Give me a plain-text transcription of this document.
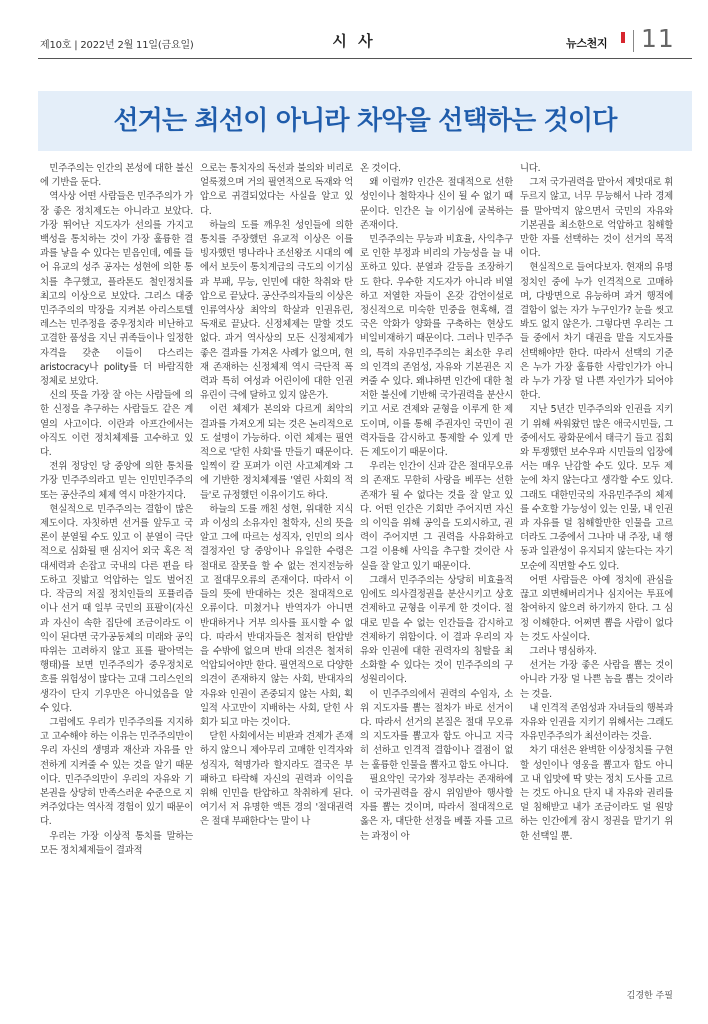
제10호 | 2022년 2월 11일(금요일)	시 사	뉴스천지 11
선거는 최선이 아니라 차악을 선택하는 것이다

민주주의는 인간의 본성에 대한 불신에 기반을 둔다.

역사상 어떤 사람들은 민주주의가 가장 좋은 정치제도는 아니라고 보았다. 가장 뛰어난 지도자가 선의를 가지고 백성을 통치하는 것이 가장 훌륭한 결과를 낳을 수 있다는 믿음인데, 예를 들어 유교의 성주 공자는 성현에 의한 통치를 추구했고, 플라톤도 철인정치를 최고의 이상으로 보았다. 그리스 대중민주주의의 막장을 지켜본 아리스토텔레스는 민주정을 중우정치라 비난하고 고결한 품성을 지닌 귀족들이나 일정한 자격을 갖춘 이들이 다스리는 aristocracy나 polity를 더 바람직한 정체로 보았다.

신의 뜻을 가장 잘 아는 사람들에 의한 신정을 추구하는 사람들도 같은 계열의 사고이다. 이란과 아프간에서는 아직도 이런 정치체제를 고수하고 있다.

전위 정당인 당 중앙에 의한 통치를 가장 민주주의라고 믿는 인민민주주의 또는 공산주의 체제 역시 마찬가지다.

현실적으로 민주주의는 결함이 많은 제도이다. 자칫하면 선거를 앞두고 국론이 분열될 수도 있고 이 분열이 극단적으로 심화될 땐 심지어 외국 혹은 적대세력과 손잡고 국내의 다른 편을 타도하고 짓밟고 억압하는 일도 벌어진다. 작금의 저질 정치인들의 포퓰리즘이나 선거 때 일부 국민의 표팔이(자신과 자신이 속한 집단에 조금이라도 이익이 된다면 국가공동체의 미래와 공익 따위는 고려하지 않고 표를 팔아먹는 행태)를 보면 민주주의가 중우정치로 흐를 위험성이 많다는 고대 그리스인의 생각이 단지 기우만은 아니었음을 알 수 있다.

그럼에도 우리가 민주주의를 지지하고 고수해야 하는 이유는 민주주의만이 우리 자신의 생명과 재산과 자유를 안전하게 지켜줄 수 있는 것을 알기 때문이다. 민주주의만이 우리의 자유와 기본권을 상당히 만족스러운 수준으로 지켜주었다는 역사적 경험이 있기 때문이다.

우리는 가장 이상적 통치를 말하는 모든 정치체제들이 결과적

으로는 통치자의 독선과 불의와 비리로 얼룩졌으며 거의 필연적으로 독재와 억압으로 귀결되었다는 사실을 알고 있다.

하늘의 도를 깨우친 성인들에 의한 통치를 주장했던 유교적 이상은 이를 빙자했던 명나라나 조선왕조 시대의 예에서 보듯이 통치계급의 극도의 이기심과 부패, 무능, 인민에 대한 착취와 탄압으로 끝났다. 공산주의자들의 이상은 인류역사상 최악의 학살과 인권유린, 독재로 끝났다. 신정체제는 말할 것도 없다. 과거 역사상의 모든 신정체제가 좋은 결과를 가져온 사례가 없으며, 현재 존재하는 신정체제 역시 극단적 폭력과 특히 여성과 어린이에 대한 인권유린이 극에 달하고 있지 않은가.

이런 체제가 본의와 다르게 최악의 결과를 가져오게 되는 것은 논리적으로도 설명이 가능하다. 이런 체제는 필연적으로 '닫힌 사회'를 만들기 때문이다. 일찍이 칼 포퍼가 이런 사고체계와 그에 기반한 정치체제를 '열린 사회의 적들'로 규정했던 이유이기도 하다.

하늘의 도를 깨친 성현, 위대한 지식과 이성의 소유자인 철학자, 신의 뜻을 알고 그에 따르는 성직자, 인민의 의사 결정자인 당 중앙이나 유일한 수령은 절대로 잘못을 할 수 없는 전지전능하고 절대무오류의 존재이다. 따라서 이들의 뜻에 반대하는 것은 절대적으로 오류이다. 미쳤거나 반역자가 아니면 반대하거나 거부 의사를 표시할 수 없다. 따라서 반대자들은 철저히 탄압받을 수밖에 없으며 반대 의견은 철저히 억압되어야만 한다. 필연적으로 다양한 의견이 존재하지 않는 사회, 반대자의 자유와 인권이 존중되지 않는 사회, 획일적 사고만이 지배하는 사회, 닫힌 사회가 되고 마는 것이다.

닫힌 사회에서는 비판과 견제가 존재하지 않으니 제아무리 고매한 인격자와 성직자, 혁명가라 할지라도 결국은 부패하고 타락해 자신의 권력과 이익을 위해 인민을 탄압하고 착취하게 된다. 여기서 저 유명한 액튼 경의 '절대권력은 절대 부패한다'는 말이 나

온 것이다.

왜 이럴까? 인간은 절대적으로 선한 성인이나 철학자나 신이 될 수 없기 때문이다. 인간은 늘 이기심에 굴복하는 존재이다.

민주주의는 무능과 비효율, 사익추구로 인한 부정과 비리의 가능성을 늘 내포하고 있다. 분열과 갈등을 조장하기도 한다. 우수한 지도자가 아니라 비열하고 저열한 자들이 온갖 감언이설로 정신적으로 미숙한 민중을 현혹해, 결국은 악화가 양화를 구축하는 현상도 비일비재하기 때문이다. 그러나 민주주의, 특히 자유민주주의는 최소한 우리의 인격의 존엄성, 자유와 기본권은 지켜줄 수 있다. 왜냐하면 인간에 대한 철저한 불신에 기반해 국가권력을 분산시키고 서로 견제와 균형을 이루게 한 제도이며, 이를 통해 주권자인 국민이 권력자들을 감시하고 통제할 수 있게 만든 제도이기 때문이다.

우리는 인간이 신과 같은 절대무오류의 존재도 무한히 사랑을 베푸는 선한 존재가 될 수 없다는 것을 잘 알고 있다. 어떤 인간은 기회만 주어지면 자신의 이익을 위해 공익을 도외시하고, 권력이 주어지면 그 권력을 사유화하고 그걸 이용해 사익을 추구할 것이란 사실을 잘 알고 있기 때문이다.

그래서 민주주의는 상당히 비효율적임에도 의사결정권을 분산시키고 상호 견제하고 균형을 이루게 한 것이다. 절대로 믿을 수 없는 인간들을 감시하고 견제하기 위함이다. 이 결과 우리의 자유와 인권에 대한 권력자의 침탈을 최소화할 수 있다는 것이 민주주의의 구성원리이다.

이 민주주의에서 권력의 수임자, 소위 지도자를 뽑는 절차가 바로 선거이다. 따라서 선거의 본질은 절대 무오류의 지도자를 뽑고자 함도 아니고 지극히 선하고 인격적 결함이나 결점이 없는 훌륭한 인물을 뽑자고 함도 아니다.

필요악인 국가와 정부라는 존재하에 이 국가권력을 잠시 위임받아 행사할 자를 뽑는 것이며, 따라서 절대적으로 옳은 자, 대단한 선정을 베풀 자를 고르는 과정이 아

니다.

그저 국가권력을 맡아서 제멋대로 휘두르지 않고, 너무 무능해서 나라 경제를 말아먹지 않으면서 국민의 자유와 기본권을 최소한으로 억압하고 침해할만한 자를 선택하는 것이 선거의 목적이다.

현실적으로 들여다보자. 현재의 유명 정치인 중에 누가 인격적으로 고매하며, 다방면으로 유능하며 과거 행적에 결함이 없는 자가 누구인가? 눈을 씻고 봐도 없지 않은가. 그렇다면 우리는 그들 중에서 차기 대권을 맡을 지도자를 선택해야만 한다. 따라서 선택의 기준은 누가 가장 훌륭한 사람인가가 아니라 누가 가장 덜 나쁜 자인가가 되어야 한다.

지난 5년간 민주주의와 인권을 지키기 위해 싸워왔던 많은 애국시민들, 그 중에서도 광화문에서 태극기 들고 집회와 투쟁했던 보수우파 시민들의 입장에서는 매우 난감할 수도 있다. 모두 제 눈에 차지 않는다고 생각할 수도 있다. 그래도 대한민국의 자유민주주의 체제를 수호할 가능성이 있는 인물, 내 인권과 자유를 덜 침해할만한 인물을 고르더라도 그중에서 그나마 내 주장, 내 행동과 일관성이 유지되지 않는다는 자기 모순에 직면할 수도 있다.

어떤 사람들은 아예 정치에 관심을 끊고 외면해버리거나 심지어는 투표에 참여하지 않으려 하기까지 한다. 그 심정 이해한다. 어쩌면 뽑을 사람이 없다는 것도 사실이다.

그러나 명심하자.

선거는 가장 좋은 사람을 뽑는 것이 아니라 가장 덜 나쁜 놈을 뽑는 것이라는 것을.

내 인격적 존엄성과 자녀들의 행복과 자유와 인권을 지키기 위해서는 그래도 자유민주주의가 최선이라는 것을.

차기 대선은 완벽한 이상정치를 구현할 성인이나 영웅을 뽑고자 함도 아니고 내 입맛에 딱 맞는 정치 도사를 고르는 것도 아니요 단지 내 자유와 권리를 덜 침해받고 내가 조금이라도 덜 원망하는 인간에게 잠시 정권을 맡기기 위한 선택일 뿐.

김경한 주필
